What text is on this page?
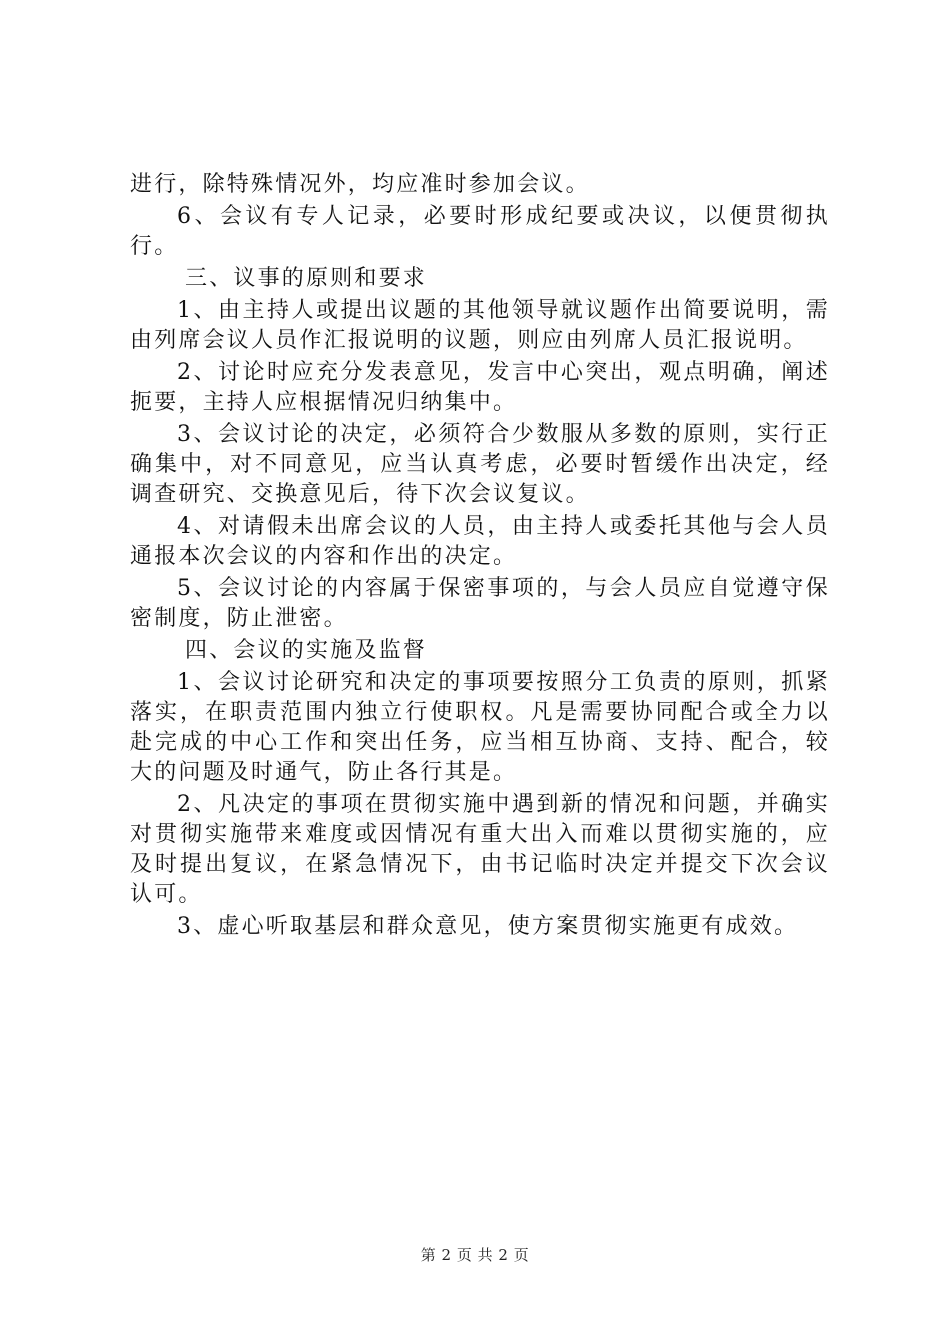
进行，除特殊情况外，均应准时参加会议。

6、会议有专人记录，必要时形成纪要或决议，以便贯彻执行。

三、议事的原则和要求

1、由主持人或提出议题的其他领导就议题作出简要说明，需由列席会议人员作汇报说明的议题，则应由列席人员汇报说明。

2、讨论时应充分发表意见，发言中心突出，观点明确，阐述扼要，主持人应根据情况归纳集中。

3、会议讨论的决定，必须符合少数服从多数的原则，实行正确集中，对不同意见，应当认真考虑，必要时暂缓作出决定，经调查研究、交换意见后，待下次会议复议。

4、对请假未出席会议的人员，由主持人或委托其他与会人员通报本次会议的内容和作出的决定。

5、会议讨论的内容属于保密事项的，与会人员应自觉遵守保密制度，防止泄密。

四、会议的实施及监督

1、会议讨论研究和决定的事项要按照分工负责的原则，抓紧落实，在职责范围内独立行使职权。凡是需要协同配合或全力以赴完成的中心工作和突出任务，应当相互协商、支持、配合，较大的问题及时通气，防止各行其是。

2、凡决定的事项在贯彻实施中遇到新的情况和问题，并确实对贯彻实施带来难度或因情况有重大出入而难以贯彻实施的，应及时提出复议，在紧急情况下，由书记临时决定并提交下次会议认可。

3、虚心听取基层和群众意见，使方案贯彻实施更有成效。

第 2 页 共 2 页
